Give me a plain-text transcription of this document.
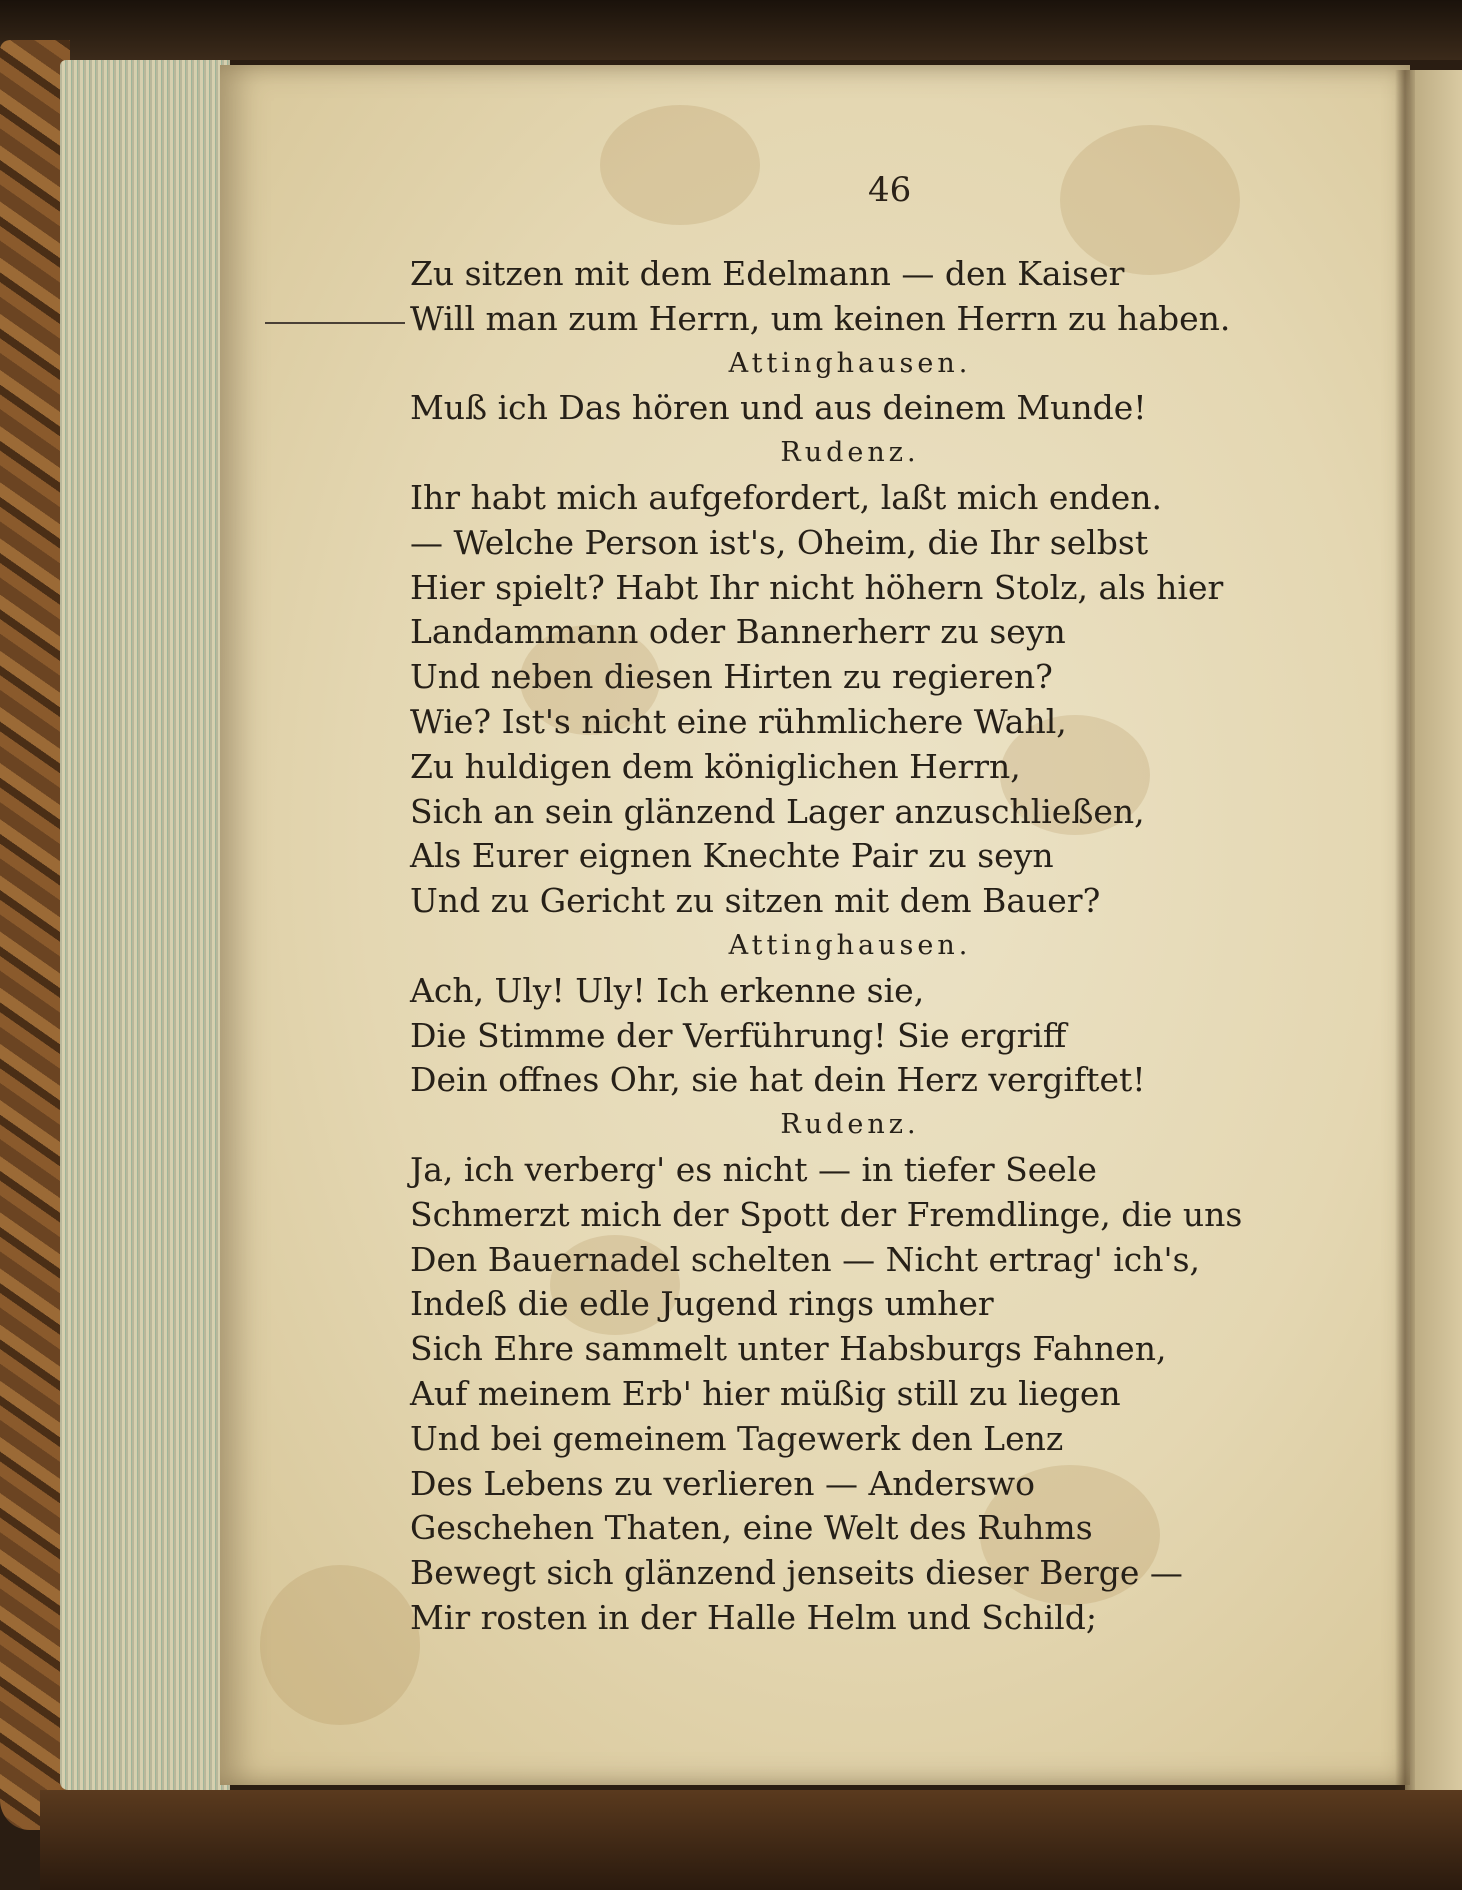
46
Zu sitzen mit dem Edelmann — den Kaiser
Will man zum Herrn, um keinen Herrn zu haben.
Attinghausen.
Muß ich Das hören und aus deinem Munde!
Rudenz.
Ihr habt mich aufgefordert, laßt mich enden.
— Welche Person ist's, Oheim, die Ihr selbst
Hier spielt? Habt Ihr nicht höhern Stolz, als hier
Landammann oder Bannerherr zu seyn
Und neben diesen Hirten zu regieren?
Wie? Ist's nicht eine rühmlichere Wahl,
Zu huldigen dem königlichen Herrn,
Sich an sein glänzend Lager anzuschließen,
Als Eurer eignen Knechte Pair zu seyn
Und zu Gericht zu sitzen mit dem Bauer?
Attinghausen.
Ach, Uly! Uly! Ich erkenne sie,
Die Stimme der Verführung! Sie ergriff
Dein offnes Ohr, sie hat dein Herz vergiftet!
Rudenz.
Ja, ich verberg' es nicht — in tiefer Seele
Schmerzt mich der Spott der Fremdlinge, die uns
Den Bauernadel schelten — Nicht ertrag' ich's,
Indeß die edle Jugend rings umher
Sich Ehre sammelt unter Habsburgs Fahnen,
Auf meinem Erb' hier müßig still zu liegen
Und bei gemeinem Tagewerk den Lenz
Des Lebens zu verlieren — Anderswo
Geschehen Thaten, eine Welt des Ruhms
Bewegt sich glänzend jenseits dieser Berge —
Mir rosten in der Halle Helm und Schild;
